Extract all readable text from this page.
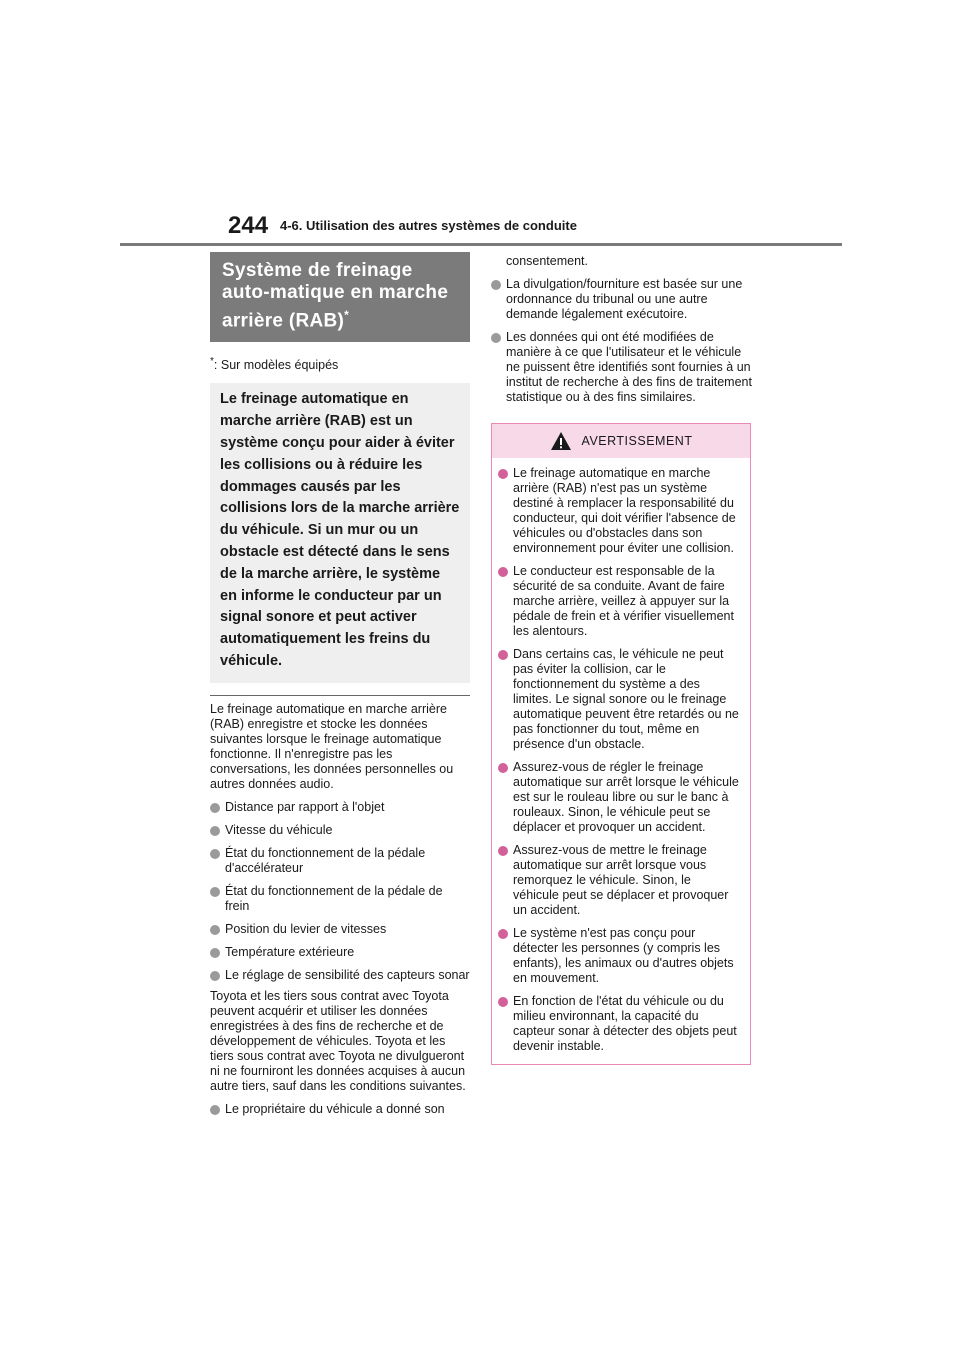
244 4-6. Utilisation des autres systèmes de conduite
Système de freinage auto-matique en marche arrière (RAB)*
*: Sur modèles équipés
Le freinage automatique en marche arrière (RAB) est un système conçu pour aider à éviter les collisions ou à réduire les dommages causés par les collisions lors de la marche arrière du véhicule. Si un mur ou un obstacle est détecté dans le sens de la marche arrière, le système en informe le conducteur par un signal sonore et peut activer automatiquement les freins du véhicule.

Le freinage automatique en marche arrière (RAB) enregistre et stocke les données suivantes lorsque le freinage automatique fonctionne. Il n'enregistre pas les conversations, les données personnelles ou autres données audio.

Distance par rapport à l'objet
Vitesse du véhicule
État du fonctionnement de la pédale d'accélérateur
État du fonctionnement de la pédale de frein
Position du levier de vitesses
Température extérieure
Le réglage de sensibilité des capteurs sonar

Toyota et les tiers sous contrat avec Toyota peuvent acquérir et utiliser les données enregistrées à des fins de recherche et de développement de véhicules. Toyota et les tiers sous contrat avec Toyota ne divulgueront ni ne fourniront les données acquises à aucun autre tiers, sauf dans les conditions suivantes.

Le propriétaire du véhicule a donné son

consentement.

La divulgation/fourniture est basée sur une ordonnance du tribunal ou une autre demande légalement exécutoire.
Les données qui ont été modifiées de manière à ce que l'utilisateur et le véhicule ne puissent être identifiés sont fournies à un institut de recherche à des fins de traitement statistique ou à des fins similaires.
AVERTISSEMENT
Le freinage automatique en marche arrière (RAB) n'est pas un système destiné à remplacer la responsabilité du conducteur, qui doit vérifier l'absence de véhicules ou d'obstacles dans son environnement pour éviter une collision.
Le conducteur est responsable de la sécurité de sa conduite. Avant de faire marche arrière, veillez à appuyer sur la pédale de frein et à vérifier visuellement les alentours.
Dans certains cas, le véhicule ne peut pas éviter la collision, car le fonctionnement du système a des limites. Le signal sonore ou le freinage automatique peuvent être retardés ou ne pas fonctionner du tout, même en présence d'un obstacle.
Assurez-vous de régler le freinage automatique sur arrêt lorsque le véhicule est sur le rouleau libre ou sur le banc à rouleaux. Sinon, le véhicule peut se déplacer et provoquer un accident.
Assurez-vous de mettre le freinage automatique sur arrêt lorsque vous remorquez le véhicule. Sinon, le véhicule peut se déplacer et provoquer un accident.
Le système n'est pas conçu pour détecter les personnes (y compris les enfants), les animaux ou d'autres objets en mouvement.
En fonction de l'état du véhicule ou du milieu environnant, la capacité du capteur sonar à détecter des objets peut devenir instable.
